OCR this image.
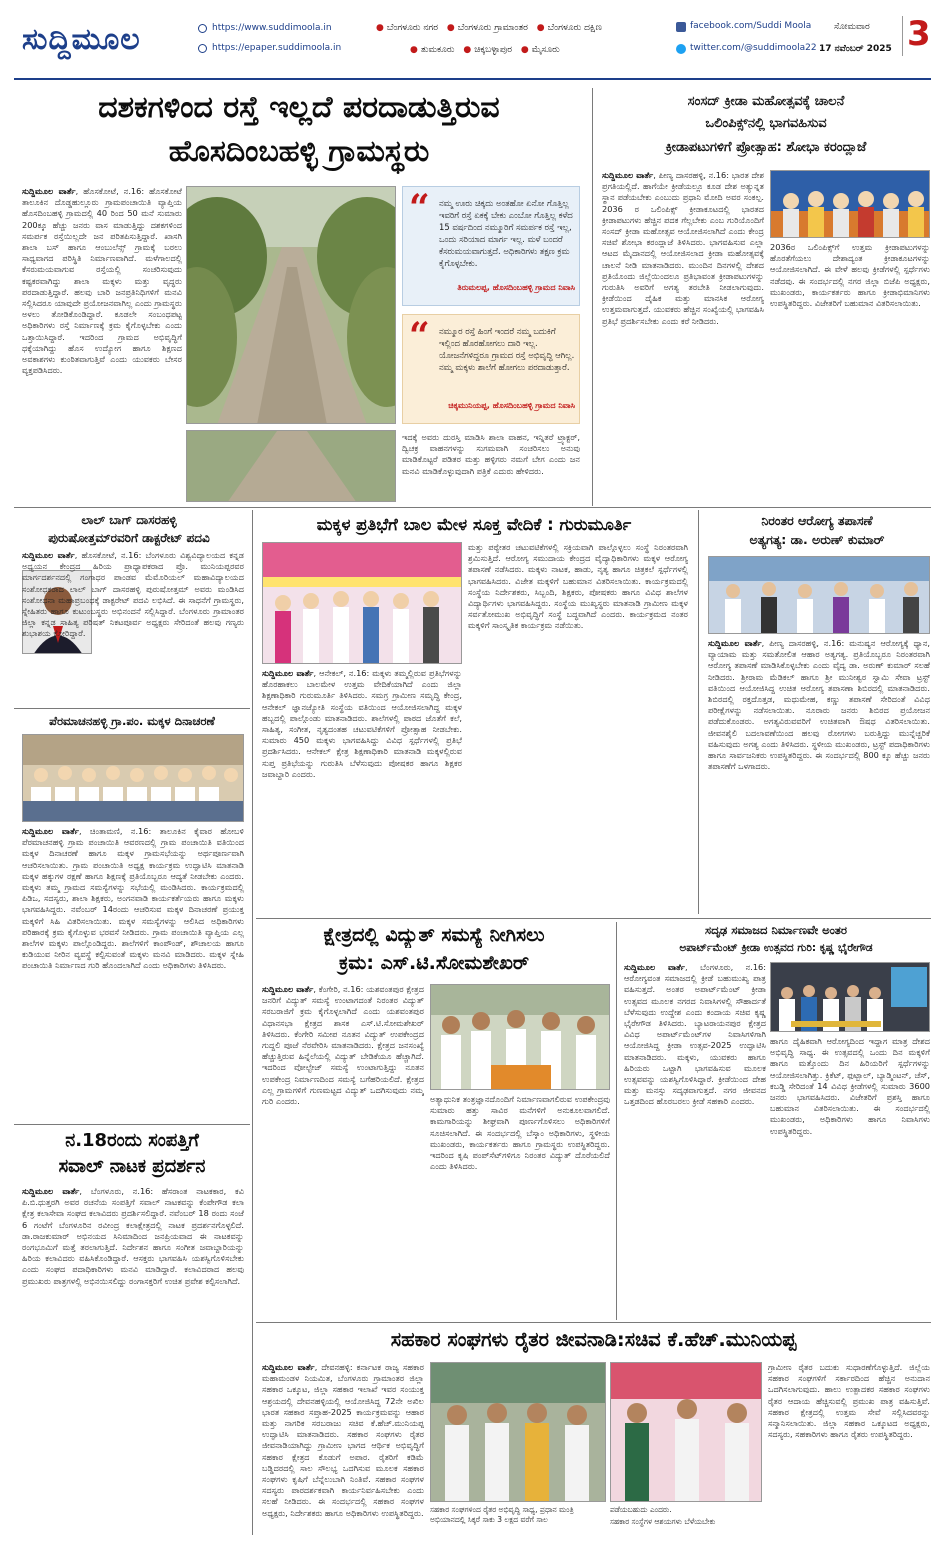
ಸುದ್ದಿಮೂಲ	https://www.suddimoola.in
https://epaper.suddimoola.in
● ಬೆಂಗಳೂರು ನಗರ ● ಬೆಂಗಳೂರು ಗ್ರಾಮಾಂತರ ● ಬೆಂಗಳೂರು ದಕ್ಷಿಣ
● ತುಮಕೂರು ● ಚಿಕ್ಕಬಳ್ಳಾಪುರ ● ಮೈಸೂರು
facebook.com/Suddi Moola
twitter.com/@suddimoola22
ಸೋಮವಾರ
17 ನವೆಂಬರ್ 2025 3
ದಶಕಗಳಿಂದ ರಸ್ತೆ ಇಲ್ಲದೆ ಪರದಾಡುತ್ತಿರುವ
ಹೊಸದಿಂಬಹಳ್ಳಿ ಗ್ರಾಮಸ್ಥರು

ಸುದ್ದಿಮೂಲ ವಾರ್ತೆ, ಹೊಸಕೋಟೆ, ನ.16: ಹೊಸಕೋಟೆ ತಾಲೂಕಿನ ದೊಡ್ಡಹುಲ್ಲೂರು ಗ್ರಾಮಪಂಚಾಯಿತಿ ವ್ಯಾಪ್ತಿಯ ಹೊಸದಿಂಬಹಳ್ಳಿ ಗ್ರಾಮದಲ್ಲಿ 40 ರಿಂದ 50 ಮನೆ ಸುಮಾರು 200ಕ್ಕೂ ಹೆಚ್ಚು ಜನರು ವಾಸ ಮಾಡುತ್ತಿದ್ದು ದಶಕಗಳಿಂದ ಸಮರ್ಪಕ ರಸ್ತೆಯಿಲ್ಲದೇ ಜನ ಪರಿತಪಿಸುತ್ತಿದ್ದಾರೆ. ಖಾಸಗಿ ಶಾಲಾ ಬಸ್ ಹಾಗೂ ಆಂಬುಲೆನ್ಸ್ ಗ್ರಾಮಕ್ಕೆ ಬರಲು ಸಾಧ್ಯವಾಗದ ಪರಿಸ್ಥಿತಿ ನಿರ್ಮಾಣವಾಗಿದೆ. ಮಳೆಗಾಲದಲ್ಲಿ ಕೆಸರುಮಯವಾಗುವ ರಸ್ತೆಯಲ್ಲಿ ಸಂಚರಿಸುವುದು ಕಷ್ಟಕರವಾಗಿದ್ದು ಶಾಲಾ ಮಕ್ಕಳು ಮತ್ತು ವೃದ್ಧರು ಪರದಾಡುತ್ತಿದ್ದಾರೆ. ಹಲವು ಬಾರಿ ಜನಪ್ರತಿನಿಧಿಗಳಿಗೆ ಮನವಿ ಸಲ್ಲಿಸಿದರೂ ಯಾವುದೇ ಪ್ರಯೋಜನವಾಗಿಲ್ಲ ಎಂದು ಗ್ರಾಮಸ್ಥರು ಅಳಲು ತೋಡಿಕೊಂಡಿದ್ದಾರೆ. ಕೂಡಲೇ ಸಂಬಂಧಪಟ್ಟ ಅಧಿಕಾರಿಗಳು ರಸ್ತೆ ನಿರ್ಮಾಣಕ್ಕೆ ಕ್ರಮ ಕೈಗೊಳ್ಳಬೇಕು ಎಂದು ಒತ್ತಾಯಿಸಿದ್ದಾರೆ. ಇದರಿಂದ ಗ್ರಾಮದ ಅಭಿವೃದ್ಧಿಗೆ ಧಕ್ಕೆಯಾಗಿದ್ದು ಹೊಸ ಉದ್ಯೋಗ ಹಾಗೂ ಶಿಕ್ಷಣದ ಅವಕಾಶಗಳು ಕುಂಠಿತವಾಗುತ್ತಿವೆ ಎಂದು ಯುವಕರು ಬೇಸರ ವ್ಯಕ್ತಪಡಿಸಿದರು.

“	ನಮ್ಮ ಊರು ಚಿಕ್ಕದು ಅಂತಹೋ ಏನೋ ಗೊತ್ತಿಲ್ಲ ಇವರಿಗೆ ರಸ್ತೆ ಏಕಕ್ಕೆ ಬೇಕು ಎಂಬೋ ಗೊತ್ತಿಲ್ಲ ಕಳೆದ 15 ವರ್ಷದಿಂದ ನಮ್ಮೂರಿಗೆ ಸಮರ್ಪಕ ರಸ್ತೆ ಇಲ್ಲ, ಒಂದು ಸರಿಯಾದ ಮಾರ್ಗ ಇಲ್ಲ. ಮಳೆ ಬಂದರೆ ಕೆಸರುಮಯವಾಗುತ್ತದೆ. ಅಧಿಕಾರಿಗಳು ತಕ್ಷಣ ಕ್ರಮ ಕೈಗೊಳ್ಳಬೇಕು.
ತಿರುಮಲಪ್ಪ, ಹೊಸದಿಂಬಹಳ್ಳಿ ಗ್ರಾಮದ ನಿವಾಸಿ
“	ನಮ್ಮೂರ ರಸ್ತೆ ಹಿಂಗೆ ಇಂದರೆ ನಮ್ಮ ಬದುಕಿಗೆ ಇಲ್ಲಿಂದ ಹೊರಹೋಗಲು ದಾರಿ ಇಲ್ಲ. ಯೋಜನೆಗಳಿದ್ದರೂ ಗ್ರಾಮದ ರಸ್ತೆ ಅಭಿವೃದ್ಧಿ ಆಗಿಲ್ಲ. ನಮ್ಮ ಮಕ್ಕಳು ಶಾಲೆಗೆ ಹೋಗಲು ಪರದಾಡುತ್ತಾರೆ.
ಚಿಕ್ಕಮುನಿಯಪ್ಪ, ಹೊಸದಿಂಬಹಳ್ಳಿ ಗ್ರಾಮದ ನಿವಾಸಿ
ಇದಕ್ಕೆ ಅವರು ದುರಸ್ತಿ ಮಾಡಿಸಿ ಶಾಲಾ ವಾಹನ, ಇನ್ನಿತರೆ ಟ್ರ್ಯಾಕ್ಟರ್, ದ್ವಿಚಕ್ರ ವಾಹನಗಳನ್ನು ಸುಗಮವಾಗಿ ಸಂಚರಿಸಲು ಅನುವು ಮಾಡಿಕೊಟ್ಟರೆ ಪಡಿತರ ಮತ್ತು ಹಳ್ಳಿಗರು ನಮಗೆ ಬೇಗ ಎಂದು ಜನ ಮನವಿ ಮಾಡಿಕೊಳ್ಳುವುದಾಗಿ ಪತ್ರಿಕೆ ಎದುರು ಹೇಳಿದರು.
ಸಂಸದ್ ಕ್ರೀಡಾ ಮಹೋತ್ಸವಕ್ಕೆ ಚಾಲನೆ
ಒಲಿಂಪಿಕ್ಸ್‌ನಲ್ಲಿ ಭಾಗವಹಿಸುವ
ಕ್ರೀಡಾಪಟುಗಳಿಗೆ ಪ್ರೋತ್ಸಾಹ: ಶೋಭಾ ಕರಂದ್ಲಾಜೆ

ಸುದ್ದಿಮೂಲ ವಾರ್ತೆ, ಪೀಣ್ಯ ದಾಸರಹಳ್ಳಿ, ನ.16: ಭಾರತ ದೇಶ ಪ್ರಗತಿಯಲ್ಲಿದೆ. ಹಾಗೆಯೇ ಕ್ರೀಡೆಯಲ್ಲೂ ಕೂಡ ದೇಶ ಅತ್ಯುನ್ನತ ಸ್ಥಾನ ಪಡೆಯಬೇಕು ಎಂಬುದು ಪ್ರಧಾನಿ ಮೋದಿ ಅವರ ಸಂಕಲ್ಪ. 2036 ರ ಒಲಿಂಪಿಕ್ಸ್ ಕ್ರೀಡಾಕೂಟದಲ್ಲಿ ಭಾರತದ ಕ್ರೀಡಾಪಟುಗಳು ಹೆಚ್ಚಿನ ಪದಕ ಗೆಲ್ಲಬೇಕು ಎಂಬ ಗುರಿಯೊಂದಿಗೆ ಸಂಸದ್ ಕ್ರೀಡಾ ಮಹೋತ್ಸವ ಆಯೋಜಿಸಲಾಗಿದೆ ಎಂದು ಕೇಂದ್ರ ಸಚಿವೆ ಶೋಭಾ ಕರಂದ್ಲಾಜೆ ತಿಳಿಸಿದರು. ಭಾಗವಹಿಸುವ ಎಲ್ಲಾ ಆಟದ ಮೈದಾನದಲ್ಲಿ ಆಯೋಜಿಸಲಾದ ಕ್ರೀಡಾ ಮಹೋತ್ಸವಕ್ಕೆ ಚಾಲನೆ ನೀಡಿ ಮಾತನಾಡಿದರು. ಮುಂದಿನ ದಿನಗಳಲ್ಲಿ ದೇಶದ ಪ್ರತಿಯೊಂದು ಜಿಲ್ಲೆಯಿಂದಲೂ ಪ್ರತಿಭಾವಂತ ಕ್ರೀಡಾಪಟುಗಳನ್ನು ಗುರುತಿಸಿ ಅವರಿಗೆ ಅಗತ್ಯ ತರಬೇತಿ ನೀಡಲಾಗುವುದು. ಕ್ರೀಡೆಯಿಂದ ದೈಹಿಕ ಮತ್ತು ಮಾನಸಿಕ ಆರೋಗ್ಯ ಉತ್ತಮವಾಗುತ್ತದೆ. ಯುವಕರು ಹೆಚ್ಚಿನ ಸಂಖ್ಯೆಯಲ್ಲಿ ಭಾಗವಹಿಸಿ ಪ್ರತಿಭೆ ಪ್ರದರ್ಶಿಸಬೇಕು ಎಂದು ಕರೆ ನೀಡಿದರು.

2036ರ ಒಲಿಂಪಿಕ್ಸ್‌ಗೆ ಉತ್ತಮ ಕ್ರೀಡಾಪಟುಗಳನ್ನು ಹೊರತೆಗೆಯಲು ದೇಶಾದ್ಯಂತ ಕ್ರೀಡಾಕೂಟಗಳನ್ನು ಆಯೋಜಿಸಲಾಗಿದೆ. ಈ ವೇಳೆ ಹಲವು ಕ್ರೀಡೆಗಳಲ್ಲಿ ಸ್ಪರ್ಧೆಗಳು ನಡೆದವು. ಈ ಸಂದರ್ಭದಲ್ಲಿ ನಗರ ಜಿಲ್ಲಾ ಬಿಜೆಪಿ ಅಧ್ಯಕ್ಷರು, ಮುಖಂಡರು, ಕಾರ್ಯಕರ್ತರು ಹಾಗೂ ಕ್ರೀಡಾಭಿಮಾನಿಗಳು ಉಪಸ್ಥಿತರಿದ್ದರು. ವಿಜೇತರಿಗೆ ಬಹುಮಾನ ವಿತರಿಸಲಾಯಿತು.
ಲಾಲ್ ಬಾಗ್ ದಾಸರಹಳ್ಳಿ
ಪುರುಷೋತ್ತಮ್‌ರವರಿಗೆ ಡಾಕ್ಟರೇಟ್ ಪದವಿ

ಸುದ್ದಿಮೂಲ ವಾರ್ತೆ, ಹೊಸಕೋಟೆ, ನ.16: ಬೆಂಗಳೂರು ವಿಶ್ವವಿದ್ಯಾಲಯದ ಕನ್ನಡ ಅಧ್ಯಯನ ಕೇಂದ್ರದ ಹಿರಿಯ ಪ್ರಾಧ್ಯಾಪಕರಾದ ಪ್ರೊ. ಮುನಿಯಪ್ಪರವರ ಮಾರ್ಗದರ್ಶನದಲ್ಲಿ ಗಂಗಾಧರ ಪಾಂಡವ ಮೆಮೊರಿಯಲ್ ಮಹಾವಿದ್ಯಾಲಯದ ಸಂಶೋಧಕರಾದ ಲಾಲ್ ಬಾಗ್ ದಾಸರಹಳ್ಳಿ ಪುರುಷೋತ್ತಮ್ ಅವರು ಮಂಡಿಸಿದ ಸಂಶೋಧನಾ ಮಹಾಪ್ರಬಂಧಕ್ಕೆ ಡಾಕ್ಟರೇಟ್ ಪದವಿ ಲಭಿಸಿದೆ. ಈ ಸಾಧನೆಗೆ ಗ್ರಾಮಸ್ಥರು, ಸ್ನೇಹಿತರು ಹಾಗೂ ಕುಟುಂಬಸ್ಥರು ಅಭಿನಂದನೆ ಸಲ್ಲಿಸಿದ್ದಾರೆ. ಬೆಂಗಳೂರು ಗ್ರಾಮಾಂತರ ಜಿಲ್ಲಾ ಕನ್ನಡ ಸಾಹಿತ್ಯ ಪರಿಷತ್ ನಿಕಟಪೂರ್ವ ಅಧ್ಯಕ್ಷರು ಸೇರಿದಂತೆ ಹಲವು ಗಣ್ಯರು ಶುಭಾಶಯ ಕೋರಿದ್ದಾರೆ.

ಪೆರಮಾಚನಹಳ್ಳಿ ಗ್ರಾ.ಪಂ. ಮಕ್ಕಳ ದಿನಾಚರಣೆ

ಸುದ್ದಿಮೂಲ ವಾರ್ತೆ, ಚಿಂತಾಮಣಿ, ನ.16: ತಾಲೂಕಿನ ಕೈವಾರ ಹೋಬಳಿ ಪೆರಮಾಚನಹಳ್ಳಿ ಗ್ರಾಮ ಪಂಚಾಯಿತಿ ಆವರಣದಲ್ಲಿ ಗ್ರಾಮ ಪಂಚಾಯಿತಿ ವತಿಯಿಂದ ಮಕ್ಕಳ ದಿನಾಚರಣೆ ಹಾಗೂ ಮಕ್ಕಳ ಗ್ರಾಮಸಭೆಯನ್ನು ಅರ್ಥಪೂರ್ಣವಾಗಿ ಆಚರಿಸಲಾಯಿತು. ಗ್ರಾಮ ಪಂಚಾಯಿತಿ ಅಧ್ಯಕ್ಷ ಕಾರ್ಯಕ್ರಮ ಉದ್ಘಾಟಿಸಿ ಮಾತನಾಡಿ ಮಕ್ಕಳ ಹಕ್ಕುಗಳ ರಕ್ಷಣೆ ಹಾಗೂ ಶಿಕ್ಷಣಕ್ಕೆ ಪ್ರತಿಯೊಬ್ಬರೂ ಆದ್ಯತೆ ನೀಡಬೇಕು ಎಂದರು. ಮಕ್ಕಳು ತಮ್ಮ ಗ್ರಾಮದ ಸಮಸ್ಯೆಗಳನ್ನು ಸಭೆಯಲ್ಲಿ ಮಂಡಿಸಿದರು. ಕಾರ್ಯಕ್ರಮದಲ್ಲಿ ಪಿಡಿಒ, ಸದಸ್ಯರು, ಶಾಲಾ ಶಿಕ್ಷಕರು, ಅಂಗನವಾಡಿ ಕಾರ್ಯಕರ್ತೆಯರು ಹಾಗೂ ಮಕ್ಕಳು ಭಾಗವಹಿಸಿದ್ದರು. ನವೆಂಬರ್ 14ರಂದು ಆಚರಿಸುವ ಮಕ್ಕಳ ದಿನಾಚರಣೆ ಪ್ರಯುಕ್ತ ಮಕ್ಕಳಿಗೆ ಸಿಹಿ ವಿತರಿಸಲಾಯಿತು. ಮಕ್ಕಳ ಸಮಸ್ಯೆಗಳನ್ನು ಆಲಿಸಿದ ಅಧಿಕಾರಿಗಳು ಪರಿಹಾರಕ್ಕೆ ಕ್ರಮ ಕೈಗೊಳ್ಳುವ ಭರವಸೆ ನೀಡಿದರು. ಗ್ರಾಮ ಪಂಚಾಯಿತಿ ವ್ಯಾಪ್ತಿಯ ಎಲ್ಲ ಶಾಲೆಗಳ ಮಕ್ಕಳು ಪಾಲ್ಗೊಂಡಿದ್ದರು. ಶಾಲೆಗಳಿಗೆ ಕಾಂಪೌಂಡ್, ಶೌಚಾಲಯ ಹಾಗೂ ಕುಡಿಯುವ ನೀರಿನ ವ್ಯವಸ್ಥೆ ಕಲ್ಪಿಸುವಂತೆ ಮಕ್ಕಳು ಮನವಿ ಮಾಡಿದರು. ಮಕ್ಕಳ ಸ್ನೇಹಿ ಪಂಚಾಯಿತಿ ನಿರ್ಮಾಣದ ಗುರಿ ಹೊಂದಲಾಗಿದೆ ಎಂದು ಅಧಿಕಾರಿಗಳು ತಿಳಿಸಿದರು.

ನ.18ರಂದು ಸಂಪತ್ತಿಗೆ
ಸವಾಲ್ ನಾಟಕ ಪ್ರದರ್ಶನ

ಸುದ್ದಿಮೂಲ ವಾರ್ತೆ, ಬೆಂಗಳೂರು, ನ.16: ಹೆಸರಾಂತ ನಾಟಕಕಾರ, ಕವಿ ಪಿ.ಬಿ.ಧುತ್ತರಗಿ ಅವರ ರಚನೆಯ ಸಂಪತ್ತಿಗೆ ಸವಾಲ್ ನಾಟಕವನ್ನು ಕೆಂಪೇಗೌಡ ಕಲಾ ಕ್ಷೇತ್ರ ಕಲಾಸೇವಾ ಸಂಘದ ಕಲಾವಿದರು ಪ್ರದರ್ಶಿಸಲಿದ್ದಾರೆ. ನವೆಂಬರ್ 18 ರಂದು ಸಂಜೆ 6 ಗಂಟೆಗೆ ಬೆಂಗಳೂರಿನ ರವೀಂದ್ರ ಕಲಾಕ್ಷೇತ್ರದಲ್ಲಿ ನಾಟಕ ಪ್ರದರ್ಶನಗೊಳ್ಳಲಿದೆ. ಡಾ.ರಾಜಕುಮಾರ್ ಅಭಿನಯದ ಸಿನಿಮಾದಿಂದ ಜನಪ್ರಿಯವಾದ ಈ ನಾಟಕವನ್ನು ರಂಗಭೂಮಿಗೆ ಮತ್ತೆ ತರಲಾಗುತ್ತಿದೆ. ನಿರ್ದೇಶನ ಹಾಗೂ ಸಂಗೀತ ಜವಾಬ್ದಾರಿಯನ್ನು ಹಿರಿಯ ಕಲಾವಿದರು ವಹಿಸಿಕೊಂಡಿದ್ದಾರೆ. ಆಸಕ್ತರು ಭಾಗವಹಿಸಿ ಯಶಸ್ವಿಗೊಳಿಸಬೇಕು ಎಂದು ಸಂಘದ ಪದಾಧಿಕಾರಿಗಳು ಮನವಿ ಮಾಡಿದ್ದಾರೆ. ಕಲಾವಿದರಾದ ಹಲವು ಪ್ರಮುಖರು ಪಾತ್ರಗಳಲ್ಲಿ ಅಭಿನಯಿಸಲಿದ್ದು ರಂಗಾಸಕ್ತರಿಗೆ ಉಚಿತ ಪ್ರವೇಶ ಕಲ್ಪಿಸಲಾಗಿದೆ.

ಮಕ್ಕಳ ಪ್ರತಿಭೆಗೆ ಬಾಲ ಮೇಳ ಸೂಕ್ತ ವೇದಿಕೆ : ಗುರುಮೂರ್ತಿ

ಸುದ್ದಿಮೂಲ ವಾರ್ತೆ, ಆನೇಕಲ್, ನ.16: ಮಕ್ಕಳು ತಮ್ಮಲ್ಲಿರುವ ಪ್ರತಿಭೆಗಳನ್ನು ಹೊರಹಾಕಲು ಬಾಲಮೇಳ ಉತ್ತಮ ವೇದಿಕೆಯಾಗಿದೆ ಎಂದು ಜಿಲ್ಲಾ ಶಿಕ್ಷಣಾಧಿಕಾರಿ ಗುರುಮೂರ್ತಿ ತಿಳಿಸಿದರು. ಸಮಗ್ರ ಗ್ರಾಮೀಣ ಸಮೃದ್ಧಿ ಕೇಂದ್ರ, ಆನೇಕಲ್ ಜ್ಞಾನಜ್ಯೋತಿ ಸಂಸ್ಥೆಯ ವತಿಯಿಂದ ಆಯೋಜಿಸಲಾಗಿದ್ದ ಮಕ್ಕಳ ಹಬ್ಬದಲ್ಲಿ ಪಾಲ್ಗೊಂಡು ಮಾತನಾಡಿದರು. ಶಾಲೆಗಳಲ್ಲಿ ಪಾಠದ ಜೊತೆಗೆ ಕಲೆ, ಸಾಹಿತ್ಯ, ಸಂಗೀತ, ನೃತ್ಯದಂತಹ ಚಟುವಟಿಕೆಗಳಿಗೆ ಪ್ರೋತ್ಸಾಹ ನೀಡಬೇಕು. ಸುಮಾರು 450 ಮಕ್ಕಳು ಭಾಗವಹಿಸಿದ್ದು ವಿವಿಧ ಸ್ಪರ್ಧೆಗಳಲ್ಲಿ ಪ್ರತಿಭೆ ಪ್ರದರ್ಶಿಸಿದರು. ಆನೇಕಲ್ ಕ್ಷೇತ್ರ ಶಿಕ್ಷಣಾಧಿಕಾರಿ ಮಾತನಾಡಿ ಮಕ್ಕಳಲ್ಲಿರುವ ಸುಪ್ತ ಪ್ರತಿಭೆಯನ್ನು ಗುರುತಿಸಿ ಬೆಳೆಸುವುದು ಪೋಷಕರ ಹಾಗೂ ಶಿಕ್ಷಕರ ಜವಾಬ್ದಾರಿ ಎಂದರು.

ಮತ್ತು ಪಠ್ಯೇತರ ಚಟುವಟಿಕೆಗಳಲ್ಲಿ ಸಕ್ರಿಯವಾಗಿ ಪಾಲ್ಗೊಳ್ಳಲು ಸಂಸ್ಥೆ ನಿರಂತರವಾಗಿ ಶ್ರಮಿಸುತ್ತಿದೆ. ಆರೋಗ್ಯ ಸಮುದಾಯ ಕೇಂದ್ರದ ವೈದ್ಯಾಧಿಕಾರಿಗಳು ಮಕ್ಕಳ ಆರೋಗ್ಯ ತಪಾಸಣೆ ನಡೆಸಿದರು. ಮಕ್ಕಳು ನಾಟಕ, ಹಾಡು, ನೃತ್ಯ ಹಾಗೂ ಚಿತ್ರಕಲೆ ಸ್ಪರ್ಧೆಗಳಲ್ಲಿ ಭಾಗವಹಿಸಿದರು. ವಿಜೇತ ಮಕ್ಕಳಿಗೆ ಬಹುಮಾನ ವಿತರಿಸಲಾಯಿತು. ಕಾರ್ಯಕ್ರಮದಲ್ಲಿ ಸಂಸ್ಥೆಯ ನಿರ್ದೇಶಕರು, ಸಿಬ್ಬಂದಿ, ಶಿಕ್ಷಕರು, ಪೋಷಕರು ಹಾಗೂ ವಿವಿಧ ಶಾಲೆಗಳ ವಿದ್ಯಾರ್ಥಿಗಳು ಭಾಗವಹಿಸಿದ್ದರು. ಸಂಸ್ಥೆಯ ಮುಖ್ಯಸ್ಥರು ಮಾತನಾಡಿ ಗ್ರಾಮೀಣ ಮಕ್ಕಳ ಸರ್ವತೋಮುಖ ಅಭಿವೃದ್ಧಿಗೆ ಸಂಸ್ಥೆ ಬದ್ಧವಾಗಿದೆ ಎಂದರು. ಕಾರ್ಯಕ್ರಮದ ನಂತರ ಮಕ್ಕಳಿಗೆ ಸಾಂಸ್ಕೃತಿಕ ಕಾರ್ಯಕ್ರಮ ನಡೆಯಿತು.
ನಿರಂತರ ಆರೋಗ್ಯ ತಪಾಸಣೆ
ಅತ್ಯಗತ್ಯ: ಡಾ. ಅರುಣ್ ಕುಮಾರ್

ಸುದ್ದಿಮೂಲ ವಾರ್ತೆ, ಪೀಣ್ಯ ದಾಸರಹಳ್ಳಿ, ನ.16: ಮನುಷ್ಯನ ಆರೋಗ್ಯಕ್ಕೆ ಧ್ಯಾನ, ವ್ಯಾಯಾಮ ಮತ್ತು ಸಮತೋಲಿತ ಆಹಾರ ಅತ್ಯಗತ್ಯ. ಪ್ರತಿಯೊಬ್ಬರೂ ನಿರಂತರವಾಗಿ ಆರೋಗ್ಯ ತಪಾಸಣೆ ಮಾಡಿಸಿಕೊಳ್ಳಬೇಕು ಎಂದು ವೈದ್ಯ ಡಾ. ಅರುಣ್ ಕುಮಾರ್ ಸಲಹೆ ನೀಡಿದರು. ಶ್ರೀರಾಮ ಮೆಡಿಕಲ್ ಹಾಗೂ ಶ್ರೀ ಮುನೀಶ್ವರ ಸ್ವಾಮಿ ಸೇವಾ ಟ್ರಸ್ಟ್ ವತಿಯಿಂದ ಆಯೋಜಿಸಿದ್ದ ಉಚಿತ ಆರೋಗ್ಯ ತಪಾಸಣಾ ಶಿಬಿರದಲ್ಲಿ ಮಾತನಾಡಿದರು. ಶಿಬಿರದಲ್ಲಿ ರಕ್ತದೊತ್ತಡ, ಮಧುಮೇಹ, ಕಣ್ಣು ತಪಾಸಣೆ ಸೇರಿದಂತೆ ವಿವಿಧ ಪರೀಕ್ಷೆಗಳನ್ನು ನಡೆಸಲಾಯಿತು. ನೂರಾರು ಜನರು ಶಿಬಿರದ ಪ್ರಯೋಜನ ಪಡೆದುಕೊಂಡರು. ಅಗತ್ಯವಿರುವವರಿಗೆ ಉಚಿತವಾಗಿ ಔಷಧ ವಿತರಿಸಲಾಯಿತು. ಜೀವನಶೈಲಿ ಬದಲಾವಣೆಯಿಂದ ಹಲವು ರೋಗಗಳು ಬರುತ್ತಿದ್ದು ಮುನ್ನೆಚ್ಚರಿಕೆ ವಹಿಸುವುದು ಅಗತ್ಯ ಎಂದು ತಿಳಿಸಿದರು. ಸ್ಥಳೀಯ ಮುಖಂಡರು, ಟ್ರಸ್ಟ್ ಪದಾಧಿಕಾರಿಗಳು ಹಾಗೂ ಸಾರ್ವಜನಿಕರು ಉಪಸ್ಥಿತರಿದ್ದರು. ಈ ಸಂದರ್ಭದಲ್ಲಿ 800 ಕ್ಕೂ ಹೆಚ್ಚು ಜನರು ತಪಾಸಣೆಗೆ ಒಳಗಾದರು.

ಕ್ಷೇತ್ರದಲ್ಲಿ ವಿದ್ಯುತ್ ಸಮಸ್ಯೆ ನೀಗಿಸಲು
ಕ್ರಮ: ಎಸ್.ಟಿ.ಸೋಮಶೇಖರ್

ಸುದ್ದಿಮೂಲ ವಾರ್ತೆ, ಕೆಂಗೇರಿ, ನ.16: ಯಶವಂತಪುರ ಕ್ಷೇತ್ರದ ಜನರಿಗೆ ವಿದ್ಯುತ್ ಸಮಸ್ಯೆ ಉಂಟಾಗದಂತೆ ನಿರಂತರ ವಿದ್ಯುತ್ ಸರಬರಾಜಿಗೆ ಕ್ರಮ ಕೈಗೊಳ್ಳಲಾಗಿದೆ ಎಂದು ಯಶವಂತಪುರ ವಿಧಾನಸಭಾ ಕ್ಷೇತ್ರದ ಶಾಸಕ ಎಸ್.ಟಿ.ಸೋಮಶೇಖರ್ ತಿಳಿಸಿದರು. ಕೆಂಗೇರಿ ಸಮೀಪ ನೂತನ ವಿದ್ಯುತ್ ಉಪಕೇಂದ್ರದ ಗುದ್ದಲಿ ಪೂಜೆ ನೆರವೇರಿಸಿ ಮಾತನಾಡಿದರು. ಕ್ಷೇತ್ರದ ಜನಸಂಖ್ಯೆ ಹೆಚ್ಚುತ್ತಿರುವ ಹಿನ್ನೆಲೆಯಲ್ಲಿ ವಿದ್ಯುತ್ ಬೇಡಿಕೆಯೂ ಹೆಚ್ಚಾಗಿದೆ. ಇದರಿಂದ ವೋಲ್ಟೇಜ್ ಸಮಸ್ಯೆ ಉಂಟಾಗುತ್ತಿದ್ದು ನೂತನ ಉಪಕೇಂದ್ರ ನಿರ್ಮಾಣದಿಂದ ಸಮಸ್ಯೆ ಬಗೆಹರಿಯಲಿದೆ. ಕ್ಷೇತ್ರದ ಎಲ್ಲ ಗ್ರಾಮಗಳಿಗೆ ಗುಣಮಟ್ಟದ ವಿದ್ಯುತ್ ಒದಗಿಸುವುದು ನಮ್ಮ ಗುರಿ ಎಂದರು.	ಅತ್ಯಾಧುನಿಕ ತಂತ್ರಜ್ಞಾನದೊಂದಿಗೆ ನಿರ್ಮಾಣವಾಗಲಿರುವ ಉಪಕೇಂದ್ರವು ಸುಮಾರು ಹತ್ತು ಸಾವಿರ ಮನೆಗಳಿಗೆ ಅನುಕೂಲವಾಗಲಿದೆ. ಕಾಮಗಾರಿಯನ್ನು ಶೀಘ್ರವಾಗಿ ಪೂರ್ಣಗೊಳಿಸಲು ಅಧಿಕಾರಿಗಳಿಗೆ ಸೂಚಿಸಲಾಗಿದೆ. ಈ ಸಂದರ್ಭದಲ್ಲಿ ಬೆಸ್ಕಾಂ ಅಧಿಕಾರಿಗಳು, ಸ್ಥಳೀಯ ಮುಖಂಡರು, ಕಾರ್ಯಕರ್ತರು ಹಾಗೂ ಗ್ರಾಮಸ್ಥರು ಉಪಸ್ಥಿತರಿದ್ದರು. ಇದರಿಂದ ಕೃಷಿ ಪಂಪ್‌ಸೆಟ್‌ಗಳಿಗೂ ನಿರಂತರ ವಿದ್ಯುತ್ ದೊರೆಯಲಿದೆ ಎಂದು ತಿಳಿಸಿದರು.
ಸದೃಢ ಸಮಾಜದ ನಿರ್ಮಾಣವೇ ಅಂತರ
ಅಪಾರ್ಟ್‌ಮೆಂಟ್ ಕ್ರೀಡಾ ಉತ್ಸವದ ಗುರಿ: ಕೃಷ್ಣ ಭೈರೇಗೌಡ

ಸುದ್ದಿಮೂಲ ವಾರ್ತೆ, ಬೆಂಗಳೂರು, ನ.16: ಆರೋಗ್ಯವಂತ ಸಮಾಜದಲ್ಲಿ ಕ್ರೀಡೆ ಬಹುಮುಖ್ಯ ಪಾತ್ರ ವಹಿಸುತ್ತದೆ. ಅಂತರ ಅಪಾರ್ಟ್‌ಮೆಂಟ್ ಕ್ರೀಡಾ ಉತ್ಸವದ ಮೂಲಕ ನಗರದ ನಿವಾಸಿಗಳಲ್ಲಿ ಸೌಹಾರ್ದತೆ ಬೆಳೆಸುವುದು ಉದ್ದೇಶ ಎಂದು ಕಂದಾಯ ಸಚಿವ ಕೃಷ್ಣ ಭೈರೇಗೌಡ ತಿಳಿಸಿದರು. ಬ್ಯಾಟರಾಯನಪುರ ಕ್ಷೇತ್ರದ ವಿವಿಧ ಅಪಾರ್ಟ್‌ಮೆಂಟ್‌ಗಳ ನಿವಾಸಿಗಳಿಗಾಗಿ ಆಯೋಜಿಸಿದ್ದ ಕ್ರೀಡಾ ಉತ್ಸವ-2025 ಉದ್ಘಾಟಿಸಿ ಮಾತನಾಡಿದರು. ಮಕ್ಕಳು, ಯುವಕರು ಹಾಗೂ ಹಿರಿಯರು ಒಟ್ಟಾಗಿ ಭಾಗವಹಿಸುವ ಮೂಲಕ ಉತ್ಸವವನ್ನು ಯಶಸ್ವಿಗೊಳಿಸಿದ್ದಾರೆ. ಕ್ರೀಡೆಯಿಂದ ದೇಹ ಮತ್ತು ಮನಸ್ಸು ಸದೃಢವಾಗುತ್ತದೆ. ನಗರ ಜೀವನದ ಒತ್ತಡದಿಂದ ಹೊರಬರಲು ಕ್ರೀಡೆ ಸಹಕಾರಿ ಎಂದರು.

ಹಾಗೂ ದೈಹಿಕವಾಗಿ ಆರೋಗ್ಯದಿಂದ ಇದ್ದಾಗ ಮಾತ್ರ ದೇಶದ ಅಭಿವೃದ್ಧಿ ಸಾಧ್ಯ. ಈ ಉತ್ಸವದಲ್ಲಿ ಒಂದು ದಿನ ಮಕ್ಕಳಿಗೆ ಹಾಗೂ ಮತ್ತೊಂದು ದಿನ ಹಿರಿಯರಿಗೆ ಸ್ಪರ್ಧೆಗಳನ್ನು ಆಯೋಜಿಸಲಾಗಿತ್ತು. ಕ್ರಿಕೆಟ್, ಫುಟ್ಬಾಲ್, ಬ್ಯಾಡ್ಮಿಂಟನ್, ಚೆಸ್, ಕಬಡ್ಡಿ ಸೇರಿದಂತೆ 14 ವಿವಿಧ ಕ್ರೀಡೆಗಳಲ್ಲಿ ಸುಮಾರು 3600 ಜನರು ಭಾಗವಹಿಸಿದರು. ವಿಜೇತರಿಗೆ ಪ್ರಶಸ್ತಿ ಹಾಗೂ ಬಹುಮಾನ ವಿತರಿಸಲಾಯಿತು. ಈ ಸಂದರ್ಭದಲ್ಲಿ ಮುಖಂಡರು, ಅಧಿಕಾರಿಗಳು ಹಾಗೂ ನಿವಾಸಿಗಳು ಉಪಸ್ಥಿತರಿದ್ದರು.
ಸಹಕಾರ ಸಂಘಗಳು ರೈತರ ಜೀವನಾಡಿ:ಸಚಿವ ಕೆ.ಹೆಚ್.ಮುನಿಯಪ್ಪ

ಸುದ್ದಿಮೂಲ ವಾರ್ತೆ, ದೇವನಹಳ್ಳಿ: ಕರ್ನಾಟಕ ರಾಜ್ಯ ಸಹಕಾರ ಮಹಾಮಂಡಳ ನಿಯಮಿತ, ಬೆಂಗಳೂರು ಗ್ರಾಮಾಂತರ ಜಿಲ್ಲಾ ಸಹಕಾರ ಒಕ್ಕೂಟ, ಜಿಲ್ಲಾ ಸಹಕಾರ ಇಲಾಖೆ ಇವರ ಸಂಯುಕ್ತ ಆಶ್ರಯದಲ್ಲಿ ದೇವನಹಳ್ಳಿಯಲ್ಲಿ ಆಯೋಜಿಸಿದ್ದ 72ನೇ ಅಖಿಲ ಭಾರತ ಸಹಕಾರ ಸಪ್ತಾಹ-2025 ಕಾರ್ಯಕ್ರಮವನ್ನು ಆಹಾರ ಮತ್ತು ನಾಗರಿಕ ಸರಬರಾಜು ಸಚಿವ ಕೆ.ಹೆಚ್.ಮುನಿಯಪ್ಪ ಉದ್ಘಾಟಿಸಿ ಮಾತನಾಡಿದರು. ಸಹಕಾರ ಸಂಘಗಳು ರೈತರ ಜೀವನಾಡಿಯಾಗಿದ್ದು ಗ್ರಾಮೀಣ ಭಾಗದ ಆರ್ಥಿಕ ಅಭಿವೃದ್ಧಿಗೆ ಸಹಕಾರ ಕ್ಷೇತ್ರದ ಕೊಡುಗೆ ಅಪಾರ. ರೈತರಿಗೆ ಕಡಿಮೆ ಬಡ್ಡಿದರದಲ್ಲಿ ಸಾಲ ಸೌಲಭ್ಯ ಒದಗಿಸುವ ಮೂಲಕ ಸಹಕಾರ ಸಂಘಗಳು ಕೃಷಿಗೆ ಬೆನ್ನೆಲುಬಾಗಿ ನಿಂತಿವೆ. ಸಹಕಾರ ಸಂಘಗಳ ಸದಸ್ಯರು ಪಾರದರ್ಶಕವಾಗಿ ಕಾರ್ಯನಿರ್ವಹಿಸಬೇಕು ಎಂದು ಸಲಹೆ ನೀಡಿದರು. ಈ ಸಂದರ್ಭದಲ್ಲಿ ಸಹಕಾರ ಸಂಘಗಳ ಅಧ್ಯಕ್ಷರು, ನಿರ್ದೇಶಕರು ಹಾಗೂ ಅಧಿಕಾರಿಗಳು ಉಪಸ್ಥಿತರಿದ್ದರು. ಸಹಕಾರ ಸಂಘಗಳಿಂದ ರೈತರ ಅಭಿವೃದ್ಧಿ ಸಾಧ್ಯ, ಪ್ರಧಾನ ಮಂತ್ರಿ ಅಭಿಯಾನದಲ್ಲಿ ಸಿಕ್ಕರೆ ಸಾಕು 3 ಲಕ್ಷದ ವರೆಗೆ ಸಾಲ
ಪಡೆಯಬಹುದು ಎಂದರು.
ಸಹಕಾರ ಸಂಸ್ಥೆಗಳ ಆಶಯಗಳು ಬೆಳೆಯಬೇಕು
ಗ್ರಾಮೀಣ ರೈತರ ಬದುಕು ಸುಧಾರಣೆಗೊಳ್ಳುತ್ತಿದೆ. ಜಿಲ್ಲೆಯ ಸಹಕಾರ ಸಂಘಗಳಿಗೆ ಸರ್ಕಾರದಿಂದ ಹೆಚ್ಚಿನ ಅನುದಾನ ಒದಗಿಸಲಾಗುವುದು. ಹಾಲು ಉತ್ಪಾದಕರ ಸಹಕಾರ ಸಂಘಗಳು ರೈತರ ಆದಾಯ ಹೆಚ್ಚಿಸುವಲ್ಲಿ ಪ್ರಮುಖ ಪಾತ್ರ ವಹಿಸುತ್ತಿವೆ. ಸಹಕಾರ ಕ್ಷೇತ್ರದಲ್ಲಿ ಉತ್ತಮ ಸೇವೆ ಸಲ್ಲಿಸಿದವರನ್ನು ಸನ್ಮಾನಿಸಲಾಯಿತು. ಜಿಲ್ಲಾ ಸಹಕಾರ ಒಕ್ಕೂಟದ ಅಧ್ಯಕ್ಷರು, ಸದಸ್ಯರು, ಸಹಕಾರಿಗಳು ಹಾಗೂ ರೈತರು ಉಪಸ್ಥಿತರಿದ್ದರು.
